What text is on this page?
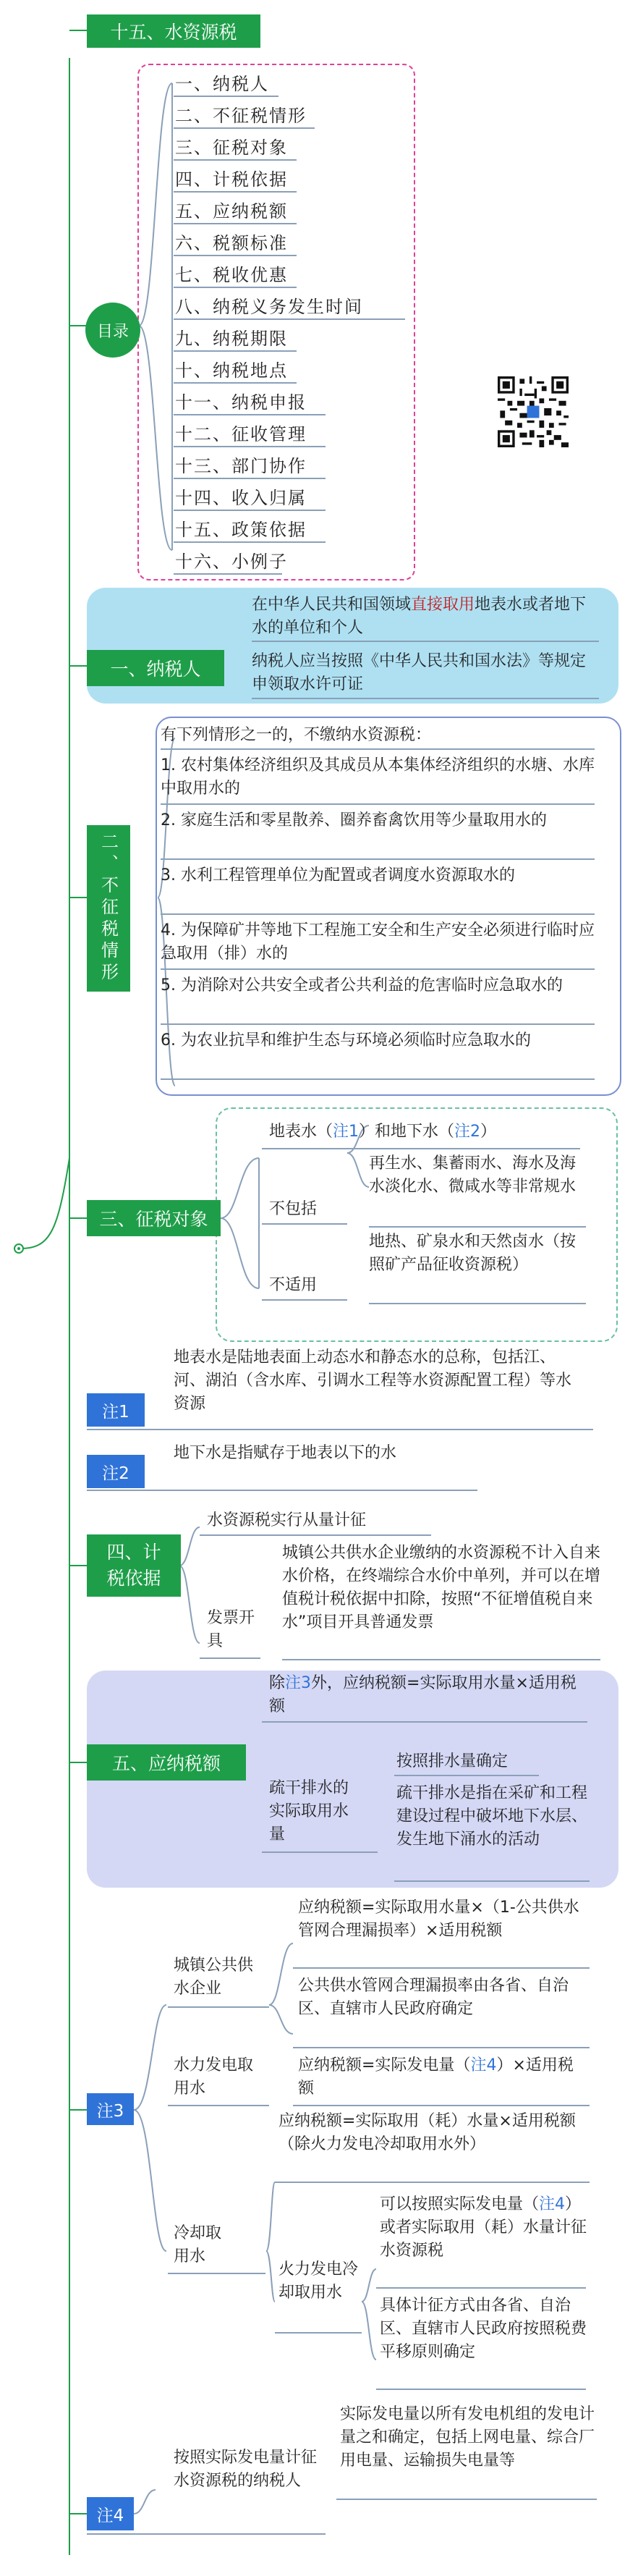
十五、水资源税
目录
一、纳税人
二、不征税情形
三、征税对象
四、计税依据
五、应纳税额
六、税额标准
七、税收优惠
八、纳税义务发生时间
九、纳税期限
十、纳税地点
十一、纳税申报
十二、征收管理
十三、部门协作
十四、收入归属
十五、政策依据
十六、小例子
一、纳税人
在中华人民共和国领域直接取用地表水或者地下水的单位和个人
纳税人应当按照《中华人民共和国水法》等规定申领取水许可证
二、不征税情形
有下列情形之一的，不缴纳水资源税：
1. 农村集体经济组织及其成员从本集体经济组织的水塘、水库中取用水的
2. 家庭生活和零星散养、圈养畜禽饮用等少量取用水的
3. 水利工程管理单位为配置或者调度水资源取水的
4. 为保障矿井等地下工程施工安全和生产安全必须进行临时应急取用（排）水的
5. 为消除对公共安全或者公共利益的危害临时应急取水的
6. 为农业抗旱和维护生态与环境必须临时应急取水的
三、征税对象
地表水（注1）和地下水（注2）
不包括
再生水、集蓄雨水、海水及海水淡化水、微咸水等非常规水
不适用
地热、矿泉水和天然卤水（按照矿产品征收资源税）
地表水是陆地表面上动态水和静态水的总称，包括江、河、湖泊（含水库、引调水工程等水资源配置工程）等水资源
注1
地下水是指赋存于地表以下的水
注2
四、计税依据
水资源税实行从量计征
发票开具
城镇公共供水企业缴纳的水资源税不计入自来水价格，在终端综合水价中单列，并可以在增值税计税依据中扣除，按照“不征增值税自来水”项目开具普通发票
五、应纳税额
除注3外，应纳税额=实际取用水量×适用税额
疏干排水的实际取用水量
按照排水量确定
疏干排水是指在采矿和工程建设过程中破坏地下水层、发生地下涌水的活动
注3
城镇公共供水企业
应纳税额=实际取用水量×（1-公共供水管网合理漏损率）×适用税额
公共供水管网合理漏损率由各省、自治区、直辖市人民政府确定
水力发电取用水
应纳税额=实际发电量（注4）×适用税额
冷却取用水
应纳税额=实际取用（耗）水量×适用税额（除火力发电冷却取用水外）
火力发电冷却取用水
可以按照实际发电量（注4）或者实际取用（耗）水量计征水资源税
具体计征方式由各省、自治区、直辖市人民政府按照税费平移原则确定
按照实际发电量计征水资源税的纳税人
实际发电量以所有发电机组的发电计量之和确定，包括上网电量、综合厂用电量、运输损失电量等
注4
